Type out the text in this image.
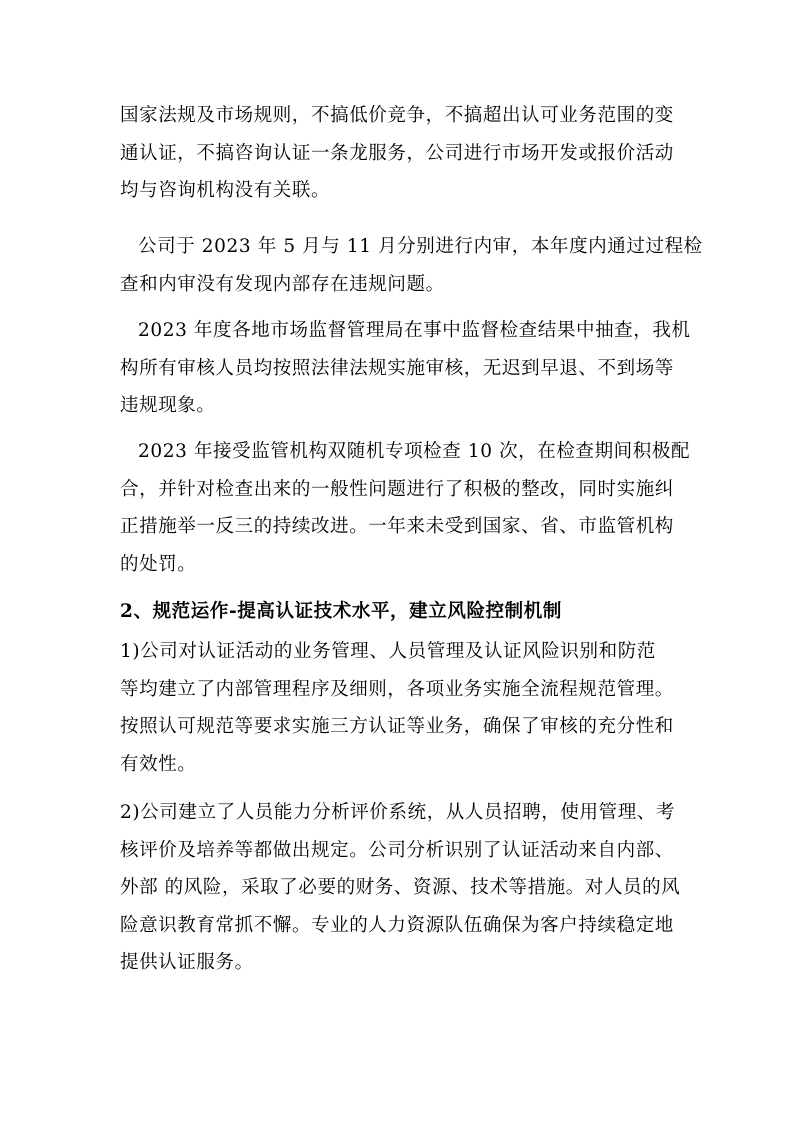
国家法规及市场规则，不搞低价竞争，不搞超出认可业务范围的变
通认证，不搞咨询认证一条龙服务，公司进行市场开发或报价活动
均与咨询机构没有关联。
公司于 2023 年 5 月与 11 月分别进行内审，本年度内通过过程检
查和内审没有发现内部存在违规问题。
2023 年度各地市场监督管理局在事中监督检查结果中抽查，我机
构所有审核人员均按照法律法规实施审核，无迟到早退、不到场等
违规现象。
2023 年接受监管机构双随机专项检查 10 次，在检查期间积极配
合，并针对检查出来的一般性问题进行了积极的整改，同时实施纠
正措施举一反三的持续改进。一年来未受到国家、省、市监管机构
的处罚。
2、规范运作-提高认证技术水平，建立风险控制机制
1)公司对认证活动的业务管理、人员管理及认证风险识别和防范
等均建立了内部管理程序及细则，各项业务实施全流程规范管理。
按照认可规范等要求实施三方认证等业务，确保了审核的充分性和
有效性。
2)公司建立了人员能力分析评价系统，从人员招聘，使用管理、考
核评价及培养等都做出规定。公司分析识别了认证活动来自内部、
外部 的风险，采取了必要的财务、资源、技术等措施。对人员的风
险意识教育常抓不懈。专业的人力资源队伍确保为客户持续稳定地
提供认证服务。
